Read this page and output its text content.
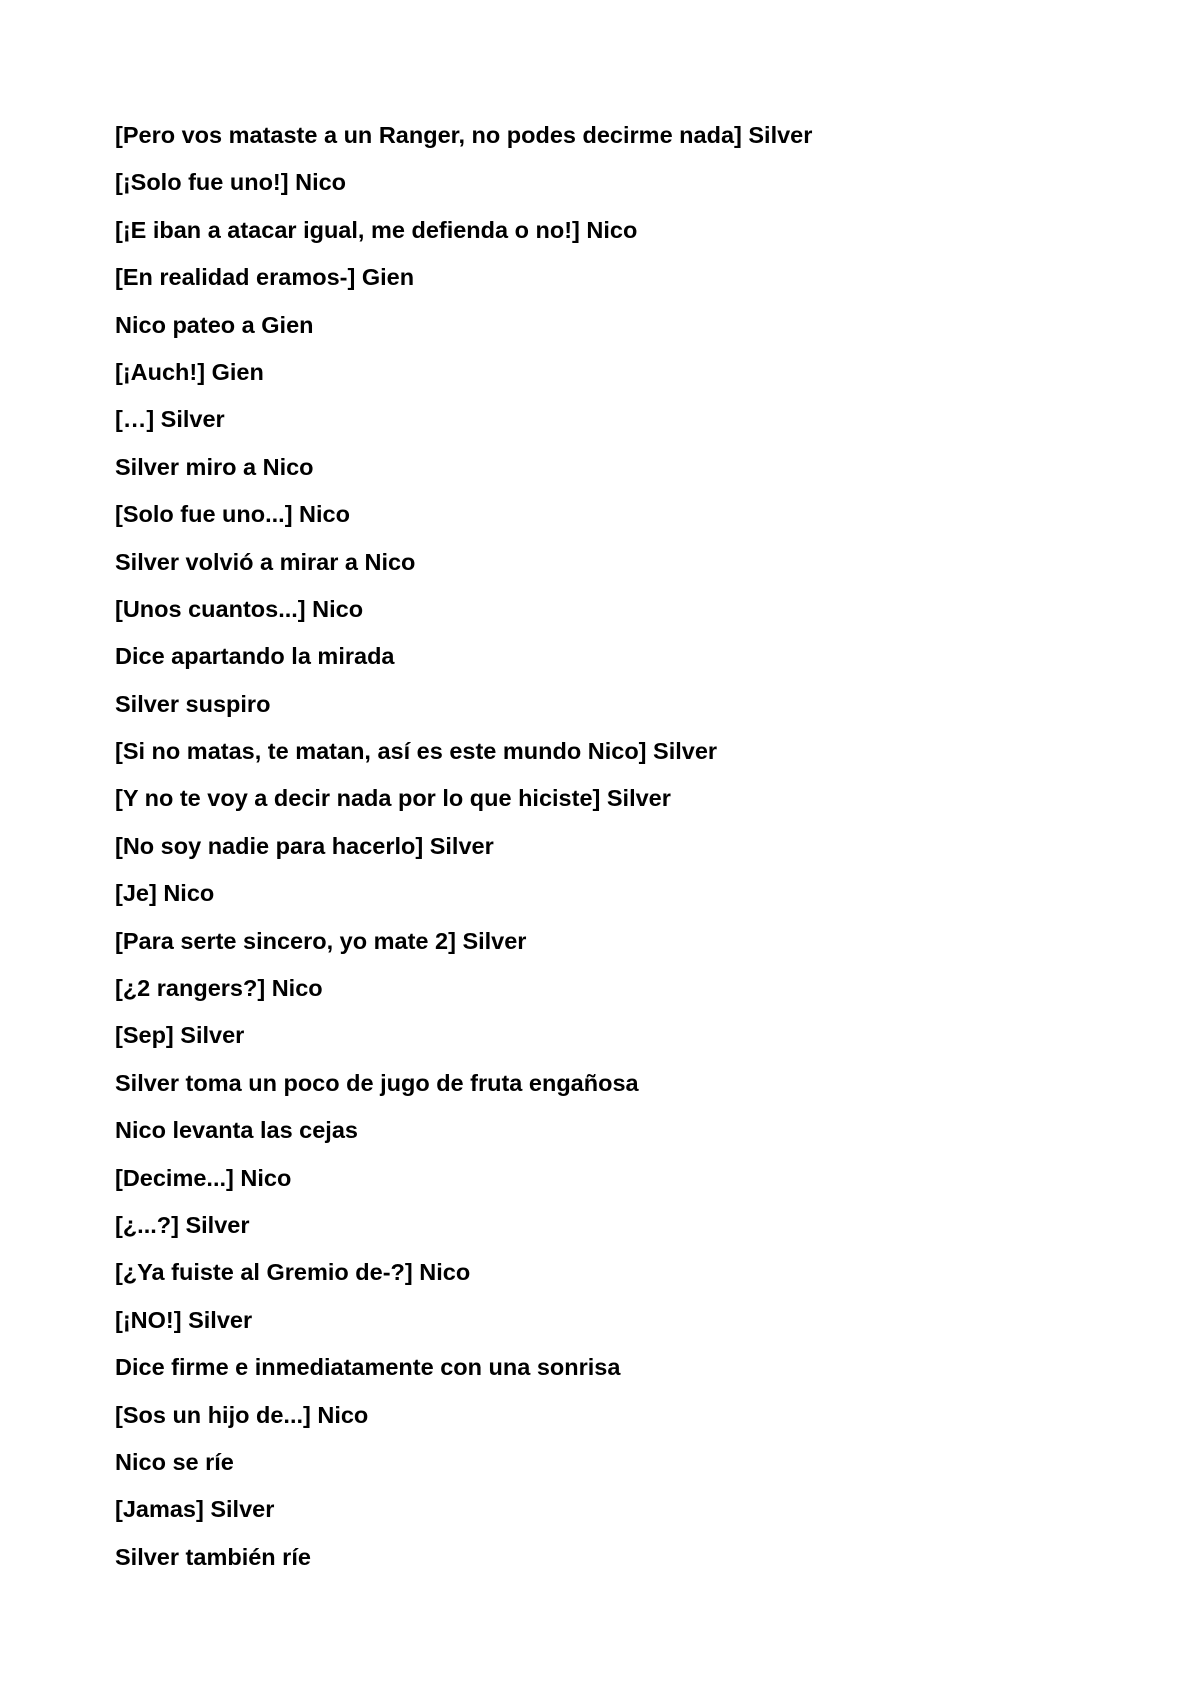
[Pero vos mataste a un Ranger, no podes decirme nada] Silver
[¡Solo fue uno!] Nico
[¡E iban a atacar igual, me defienda o no!] Nico
[En realidad eramos-] Gien
Nico pateo a Gien
[¡Auch!] Gien
[…] Silver
Silver miro a Nico
[Solo fue uno...] Nico
Silver volvió a mirar a Nico
[Unos cuantos...] Nico
Dice apartando la mirada
Silver suspiro
[Si no matas, te matan, así es este mundo Nico] Silver
[Y no te voy a decir nada por lo que hiciste] Silver
[No soy nadie para hacerlo] Silver
[Je] Nico
[Para serte sincero, yo mate 2] Silver
[¿2 rangers?] Nico
[Sep] Silver
Silver toma un poco de jugo de fruta engañosa
Nico levanta las cejas
[Decime...] Nico
[¿...?] Silver
[¿Ya fuiste al Gremio de-?] Nico
[¡NO!] Silver
Dice firme e inmediatamente con una sonrisa
[Sos un hijo de...] Nico
Nico se ríe
[Jamas] Silver
Silver también ríe
